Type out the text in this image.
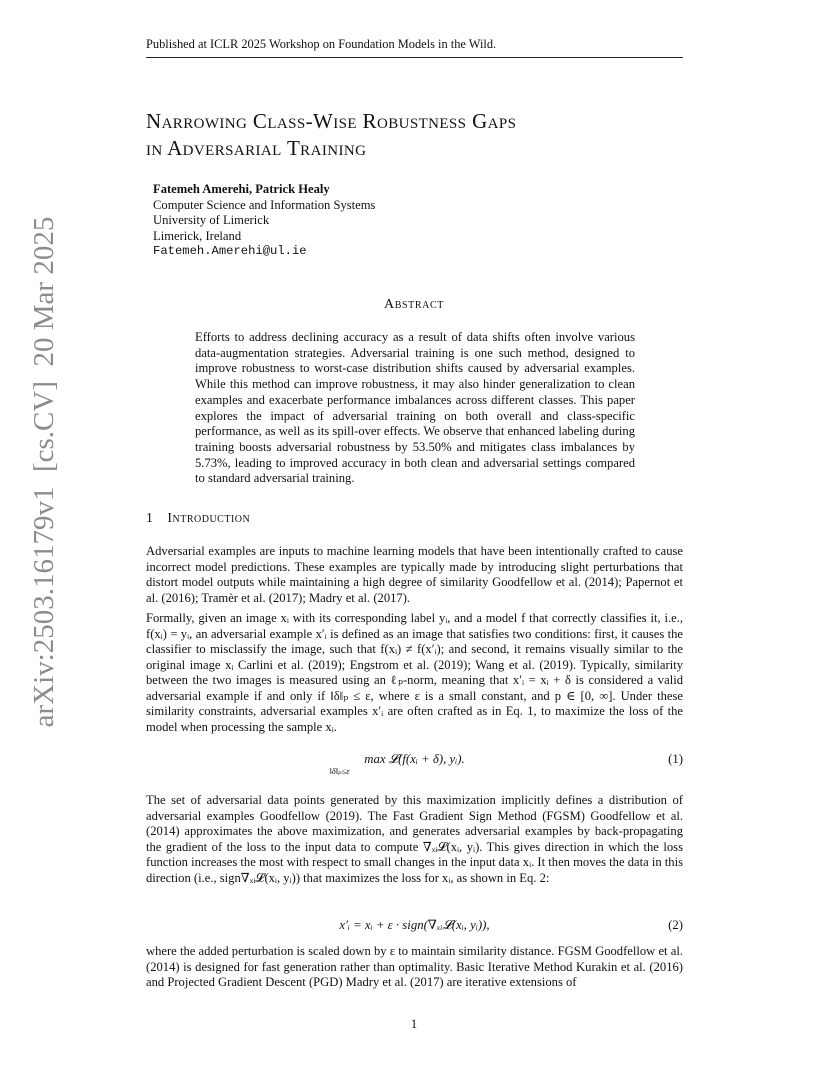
Published at ICLR 2025 Workshop on Foundation Models in the Wild.
arXiv:2503.16179v1  [cs.CV]  20 Mar 2025
Narrowing Class-Wise Robustness Gaps
in Adversarial Training
Fatemeh Amerehi, Patrick Healy
Computer Science and Information Systems
University of Limerick
Limerick, Ireland
Fatemeh.Amerehi@ul.ie
Abstract
Efforts to address declining accuracy as a result of data shifts often involve various data-augmentation strategies. Adversarial training is one such method, designed to improve robustness to worst-case distribution shifts caused by adversarial examples. While this method can improve robustness, it may also hinder generalization to clean examples and exacerbate performance imbalances across different classes. This paper explores the impact of adversarial training on both overall and class-specific performance, as well as its spill-over effects. We observe that enhanced labeling during training boosts adversarial robustness by 53.50% and mitigates class imbalances by 5.73%, leading to improved accuracy in both clean and adversarial settings compared to standard adversarial training.
1 Introduction
Adversarial examples are inputs to machine learning models that have been intentionally crafted to cause incorrect model predictions. These examples are typically made by introducing slight perturbations that distort model outputs while maintaining a high degree of similarity Goodfellow et al. (2014); Papernot et al. (2016); Tramèr et al. (2017); Madry et al. (2017).
Formally, given an image xᵢ with its corresponding label yᵢ, and a model f that correctly classifies it, i.e., f(xᵢ) = yᵢ, an adversarial example x′ᵢ is defined as an image that satisfies two conditions: first, it causes the classifier to misclassify the image, such that f(xᵢ) ≠ f(x′ᵢ); and second, it remains visually similar to the original image xᵢ Carlini et al. (2019); Engstrom et al. (2019); Wang et al. (2019). Typically, similarity between the two images is measured using an ℓₚ-norm, meaning that x′ᵢ = xᵢ + δ is considered a valid adversarial example if and only if ‖δ‖ₚ ≤ ε, where ε is a small constant, and p ∈ [0, ∞]. Under these similarity constraints, adversarial examples x′ᵢ are often crafted as in Eq. 1, to maximize the loss of the model when processing the sample xᵢ.
max 𝓛(f(xᵢ + δ), yᵢ).
‖δ‖ₚ≤ε
(1)
The set of adversarial data points generated by this maximization implicitly defines a distribution of adversarial examples Goodfellow (2019). The Fast Gradient Sign Method (FGSM) Goodfellow et al. (2014) approximates the above maximization, and generates adversarial examples by back-propagating the gradient of the loss to the input data to compute ∇ₓᵢ𝓛(xᵢ, yᵢ). This gives direction in which the loss function increases the most with respect to small changes in the input data xᵢ. It then moves the data in this direction (i.e., sign∇ₓᵢ𝓛(xᵢ, yᵢ)) that maximizes the loss for xᵢ, as shown in Eq. 2:
x′ᵢ = xᵢ + ε · sign(∇ₓᵢ𝓛(xᵢ, yᵢ)),	(2)
where the added perturbation is scaled down by ε to maintain similarity distance. FGSM Goodfellow et al. (2014) is designed for fast generation rather than optimality. Basic Iterative Method Kurakin et al. (2016) and Projected Gradient Descent (PGD) Madry et al. (2017) are iterative extensions of
1
